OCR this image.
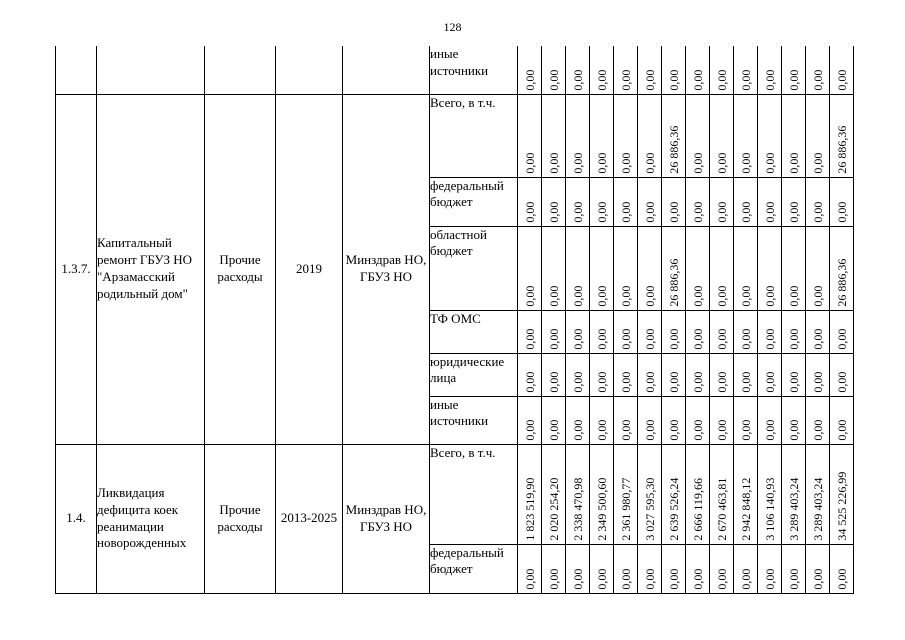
128
					иные источники	0,00	0,00	0,00	0,00	0,00	0,00	0,00	0,00	0,00	0,00	0,00	0,00	0,00	0,00

1.3.7.	Капитальный ремонт ГБУЗ НО "Арзамасский родильный дом"	Прочие расходы	2019	Минздрав НО, ГБУЗ НО	Всего, в т.ч.	0,00	0,00	0,00	0,00	0,00	0,00	26 886,36	0,00	0,00	0,00	0,00	0,00	0,00	26 886,36

					федеральный бюджет	0,00	0,00	0,00	0,00	0,00	0,00	0,00	0,00	0,00	0,00	0,00	0,00	0,00	0,00

					областной бюджет	0,00	0,00	0,00	0,00	0,00	0,00	26 886,36	0,00	0,00	0,00	0,00	0,00	0,00	26 886,36

					ТФ ОМС	0,00	0,00	0,00	0,00	0,00	0,00	0,00	0,00	0,00	0,00	0,00	0,00	0,00	0,00

					юридические лица	0,00	0,00	0,00	0,00	0,00	0,00	0,00	0,00	0,00	0,00	0,00	0,00	0,00	0,00

					иные источники	0,00	0,00	0,00	0,00	0,00	0,00	0,00	0,00	0,00	0,00	0,00	0,00	0,00	0,00

1.4.	Ликвидация дефицита коек реанимации новорожденных	Прочие расходы	2013-2025	Минздрав НО, ГБУЗ НО	Всего, в т.ч.	1 823 519,90	2 020 254,20	2 338 470,98	2 349 500,60	2 361 980,77	3 027 595,30	2 639 526,24	2 666 119,66	2 670 463,81	2 942 848,12	3 106 140,93	3 289 403,24	3 289 403,24	34 525 226,99

					федеральный бюджет	0,00	0,00	0,00	0,00	0,00	0,00	0,00	0,00	0,00	0,00	0,00	0,00	0,00	0,00
